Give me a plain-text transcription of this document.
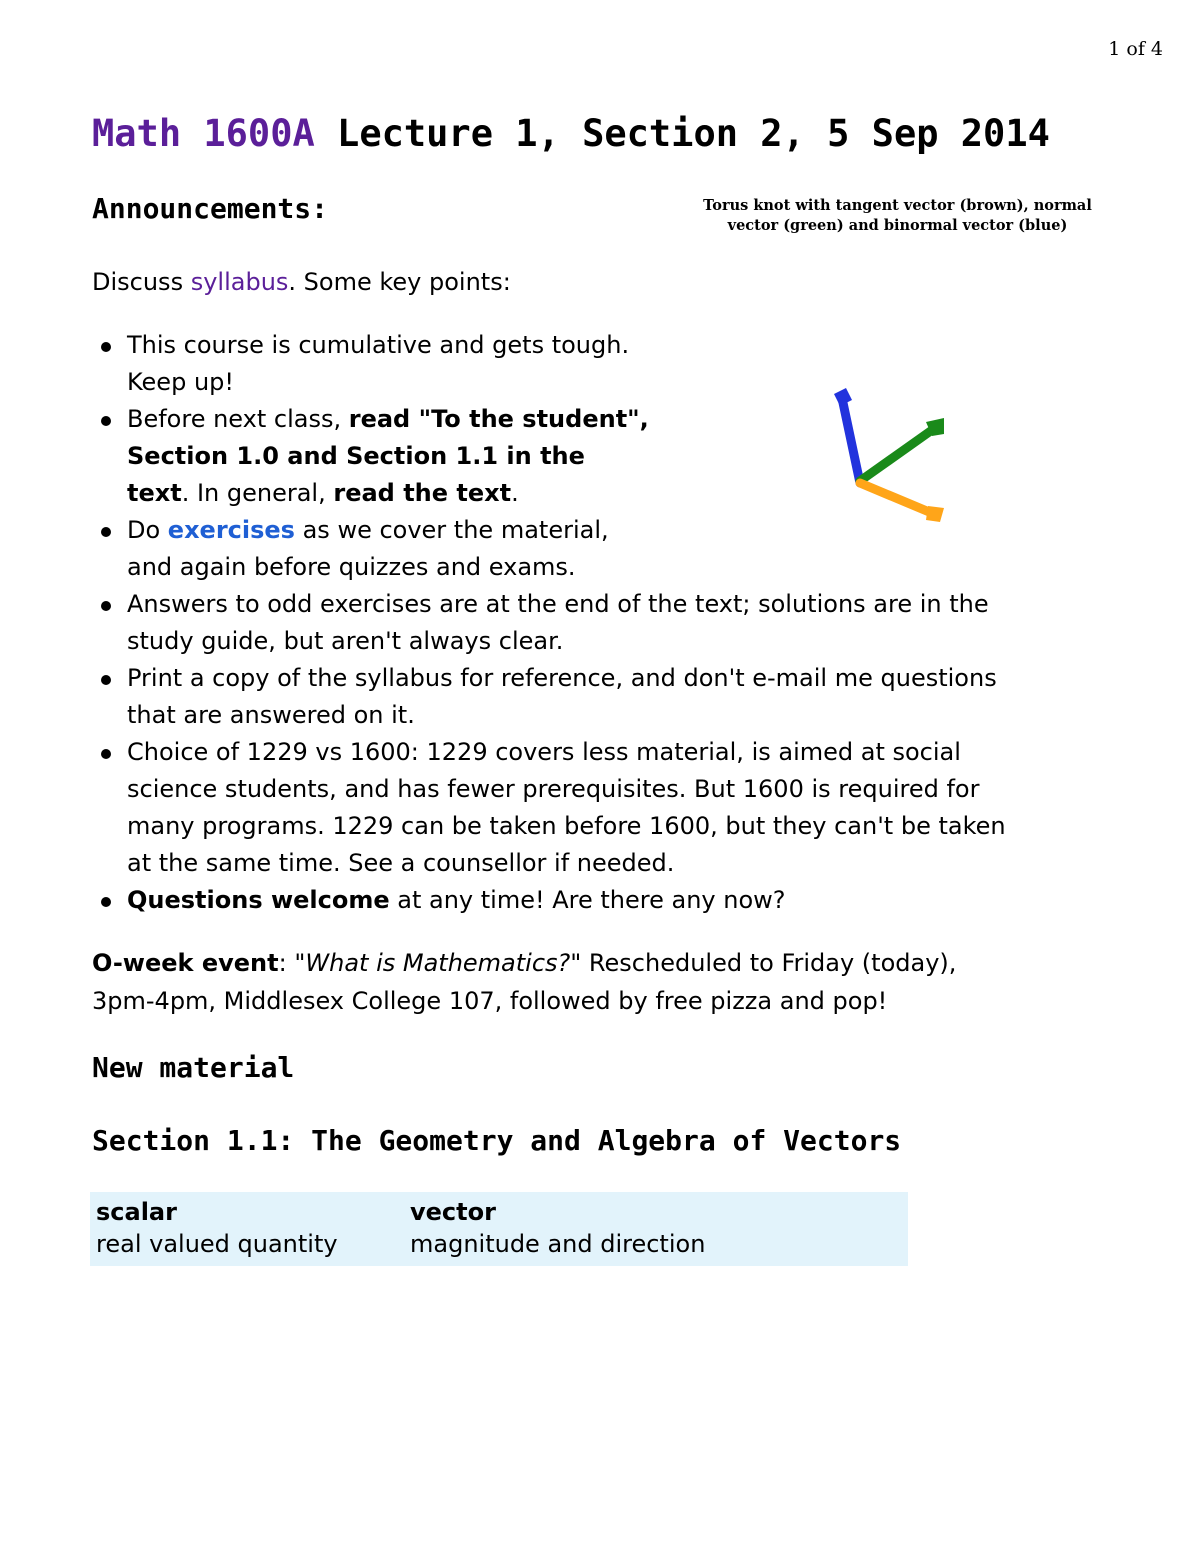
1 of 4
Math 1600A Lecture 1, Section 2, 5 Sep 2014
Announcements:	Torus knot with tangent vector (brown), normal
vector (green) and binormal vector (blue)

Discuss syllabus. Some key points:

This course is cumulative and gets tough.
Keep up!
Before next class, read "To the student",
Section 1.0 and Section 1.1 in the
text. In general, read the text.
Do exercises as we cover the material,
and again before quizzes and exams.
Answers to odd exercises are at the end of the text; solutions are in the
study guide, but aren't always clear.
Print a copy of the syllabus for reference, and don't e-mail me questions
that are answered on it.
Choice of 1229 vs 1600: 1229 covers less material, is aimed at social
science students, and has fewer prerequisites. But 1600 is required for
many programs. 1229 can be taken before 1600, but they can't be taken
at the same time. See a counsellor if needed.
Questions welcome at any time! Are there any now?

O-week event: "What is Mathematics?" Rescheduled to Friday (today),
3pm-4pm, Middlesex College 107, followed by free pizza and pop!

New material
Section 1.1: The Geometry and Algebra of Vectors
scalar	vector
real valued quantity	magnitude and direction
